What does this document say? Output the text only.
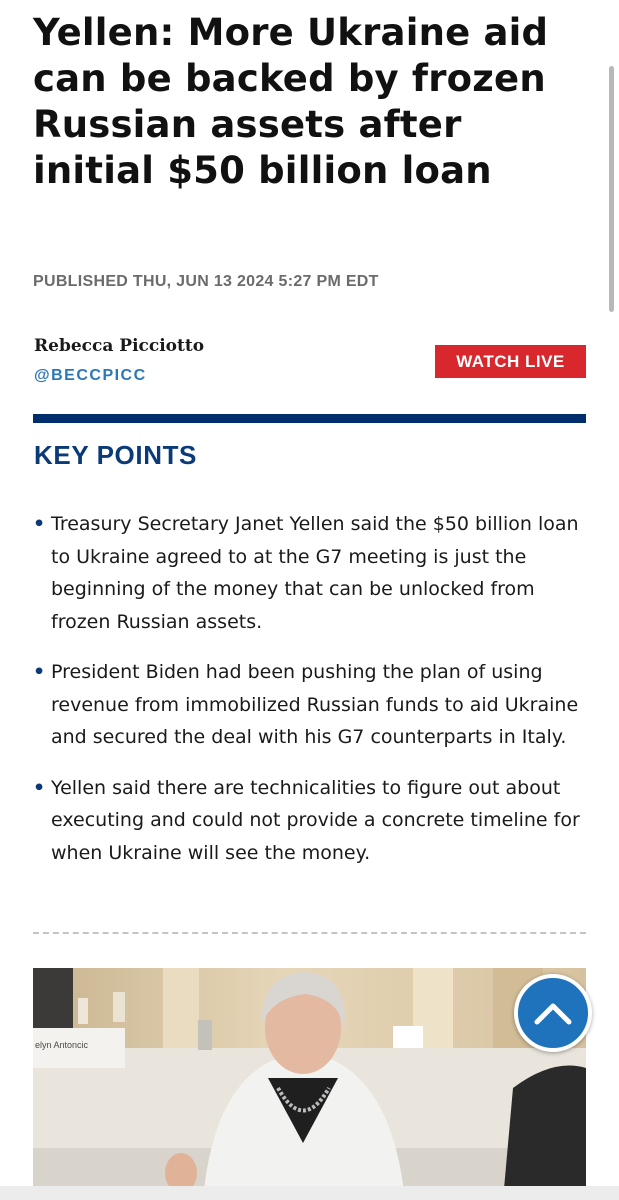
Yellen: More Ukraine aid can be backed by frozen Russian assets after initial $50 billion loan
PUBLISHED THU, JUN 13 2024 5:27 PM EDT
Rebecca Picciotto
@BECCPICC
WATCH LIVE
KEY POINTS
• Treasury Secretary Janet Yellen said the $50 billion loan to Ukraine agreed to at the G7 meeting is just the beginning of the money that can be unlocked from frozen Russian assets.
• President Biden had been pushing the plan of using revenue from immobilized Russian funds to aid Ukraine and secured the deal with his G7 counterparts in Italy.
• Yellen said there are technicalities to figure out about executing and could not provide a concrete timeline for when Ukraine will see the money.
elyn Antoncic
